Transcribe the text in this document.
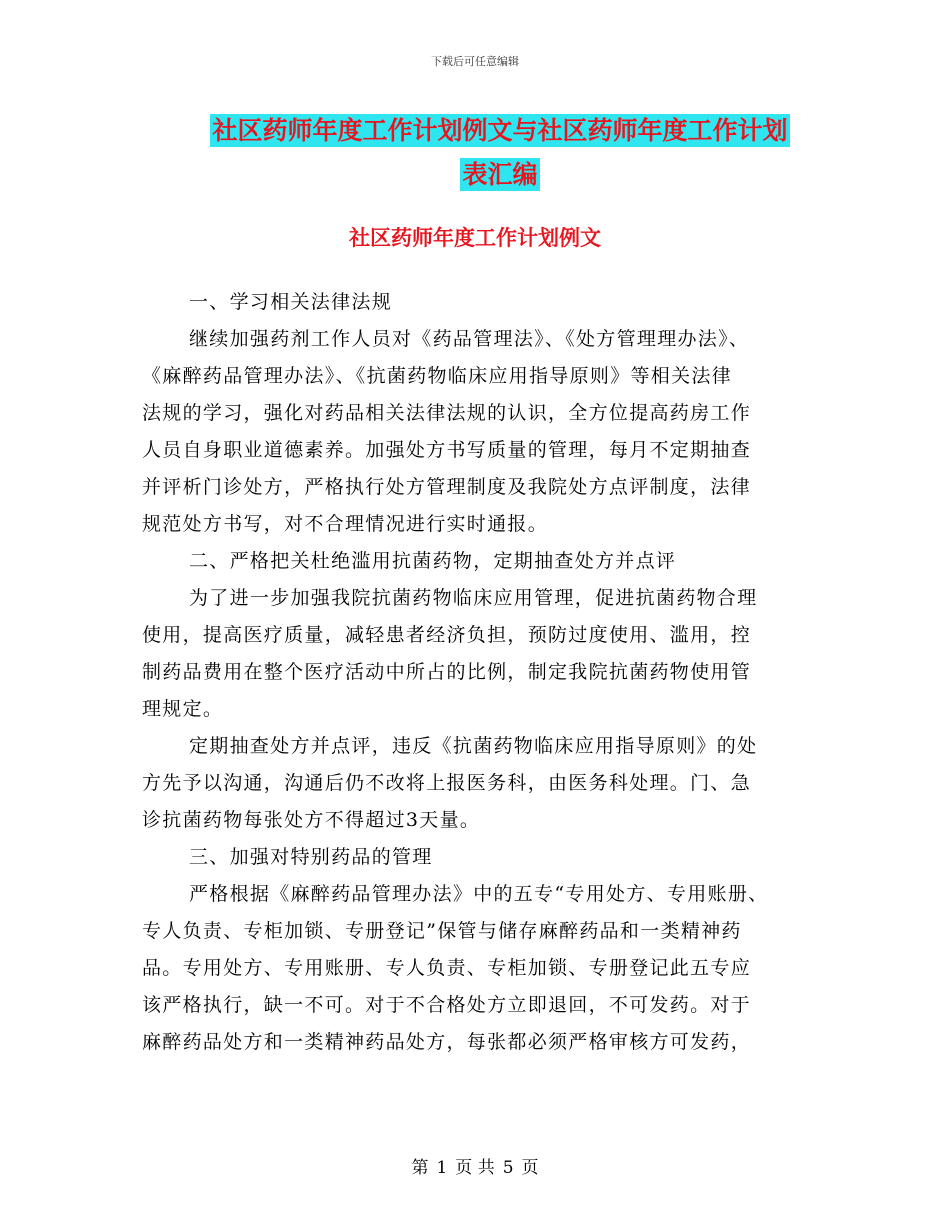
下载后可任意编辑
社区药师年度工作计划例文与社区药师年度工作计划
表汇编
社区药师年度工作计划例文
一、学习相关法律法规
继续加强药剂工作人员对《药品管理法》、《处方管理理办法》、
《麻醉药品管理办法》、《抗菌药物临床应用指导原则》等相关法律
法规的学习，强化对药品相关法律法规的认识，全方位提高药房工作
人员自身职业道德素养。加强处方书写质量的管理，每月不定期抽查
并评析门诊处方，严格执行处方管理制度及我院处方点评制度，法律
规范处方书写，对不合理情况进行实时通报。
二、严格把关杜绝滥用抗菌药物，定期抽查处方并点评
为了进一步加强我院抗菌药物临床应用管理，促进抗菌药物合理
使用，提高医疗质量，减轻患者经济负担，预防过度使用、滥用，控
制药品费用在整个医疗活动中所占的比例，制定我院抗菌药物使用管
理规定。
定期抽查处方并点评，违反《抗菌药物临床应用指导原则》的处
方先予以沟通，沟通后仍不改将上报医务科，由医务科处理。门、急
诊抗菌药物每张处方不得超过3天量。
三、加强对特别药品的管理
严格根据《麻醉药品管理办法》中的五专“专用处方、专用账册、
专人负责、专柜加锁、专册登记”保管与储存麻醉药品和一类精神药
品。专用处方、专用账册、专人负责、专柜加锁、专册登记此五专应
该严格执行，缺一不可。对于不合格处方立即退回，不可发药。对于
麻醉药品处方和一类精神药品处方，每张都必须严格审核方可发药，
第 1 页 共 5 页
